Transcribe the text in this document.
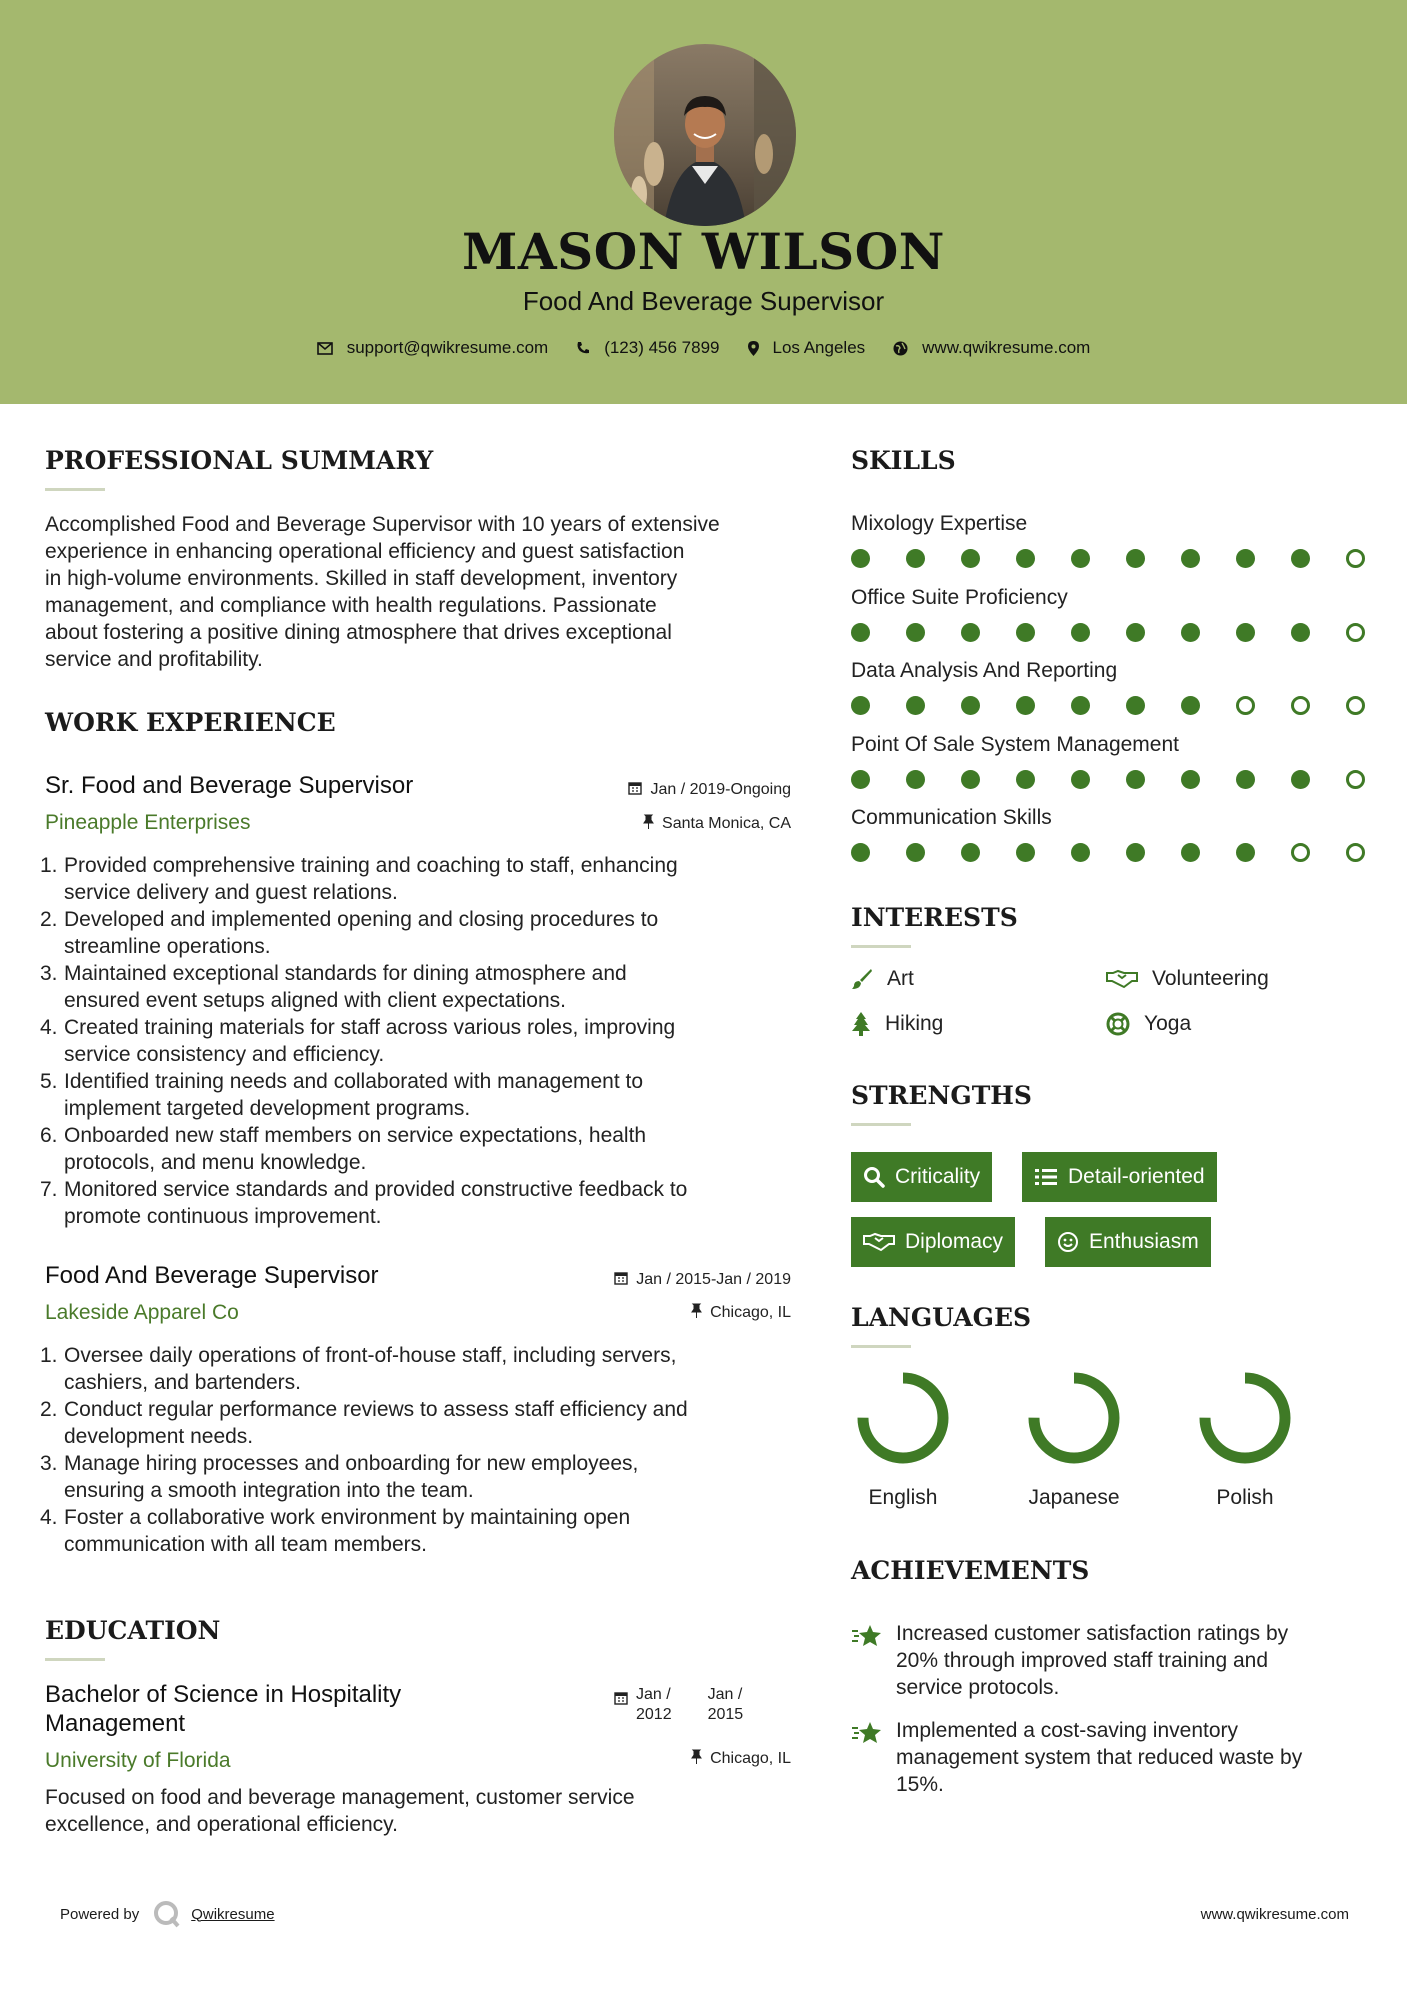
MASON WILSON
Food And Beverage Supervisor
support@qwikresume.com	(123) 456 7899	Los Angeles	www.qwikresume.com
PROFESSIONAL SUMMARY
Accomplished Food and Beverage Supervisor with 10 years of extensive
experience in enhancing operational efficiency and guest satisfaction
in high-volume environments. Skilled in staff development, inventory
management, and compliance with health regulations. Passionate
about fostering a positive dining atmosphere that drives exceptional
service and profitability.
WORK EXPERIENCE
Sr. Food and Beverage Supervisor	Jan / 2019-Ongoing
Pineapple Enterprises	Santa Monica, CA
1. Provided comprehensive training and coaching to staff, enhancing
service delivery and guest relations.
2. Developed and implemented opening and closing procedures to
streamline operations.
3. Maintained exceptional standards for dining atmosphere and
ensured event setups aligned with client expectations.
4. Created training materials for staff across various roles, improving
service consistency and efficiency.
5. Identified training needs and collaborated with management to
implement targeted development programs.
6. Onboarded new staff members on service expectations, health
protocols, and menu knowledge.
7. Monitored service standards and provided constructive feedback to
promote continuous improvement.
Food And Beverage Supervisor	Jan / 2015-Jan / 2019
Lakeside Apparel Co	Chicago, IL
1. Oversee daily operations of front-of-house staff, including servers,
cashiers, and bartenders.
2. Conduct regular performance reviews to assess staff efficiency and
development needs.
3. Manage hiring processes and onboarding for new employees,
ensuring a smooth integration into the team.
4. Foster a collaborative work environment by maintaining open
communication with all team members.
EDUCATION
Bachelor of Science in Hospitality
Management
Jan /
2012
Jan /
2015
University of Florida	Chicago, IL
Focused on food and beverage management, customer service
excellence, and operational efficiency.
SKILLS
Mixology Expertise
Office Suite Proficiency
Data Analysis And Reporting
Point Of Sale System Management
Communication Skills
INTERESTS
Art	Volunteering
Hiking	Yoga
STRENGTHS
Criticality	Detail-oriented
Diplomacy	Enthusiasm
LANGUAGES
English	Japanese	Polish
ACHIEVEMENTS
Increased customer satisfaction ratings by
20% through improved staff training and
service protocols.
Implemented a cost-saving inventory
management system that reduced waste by
15%.
Powered by	Qwikresume	www.qwikresume.com
